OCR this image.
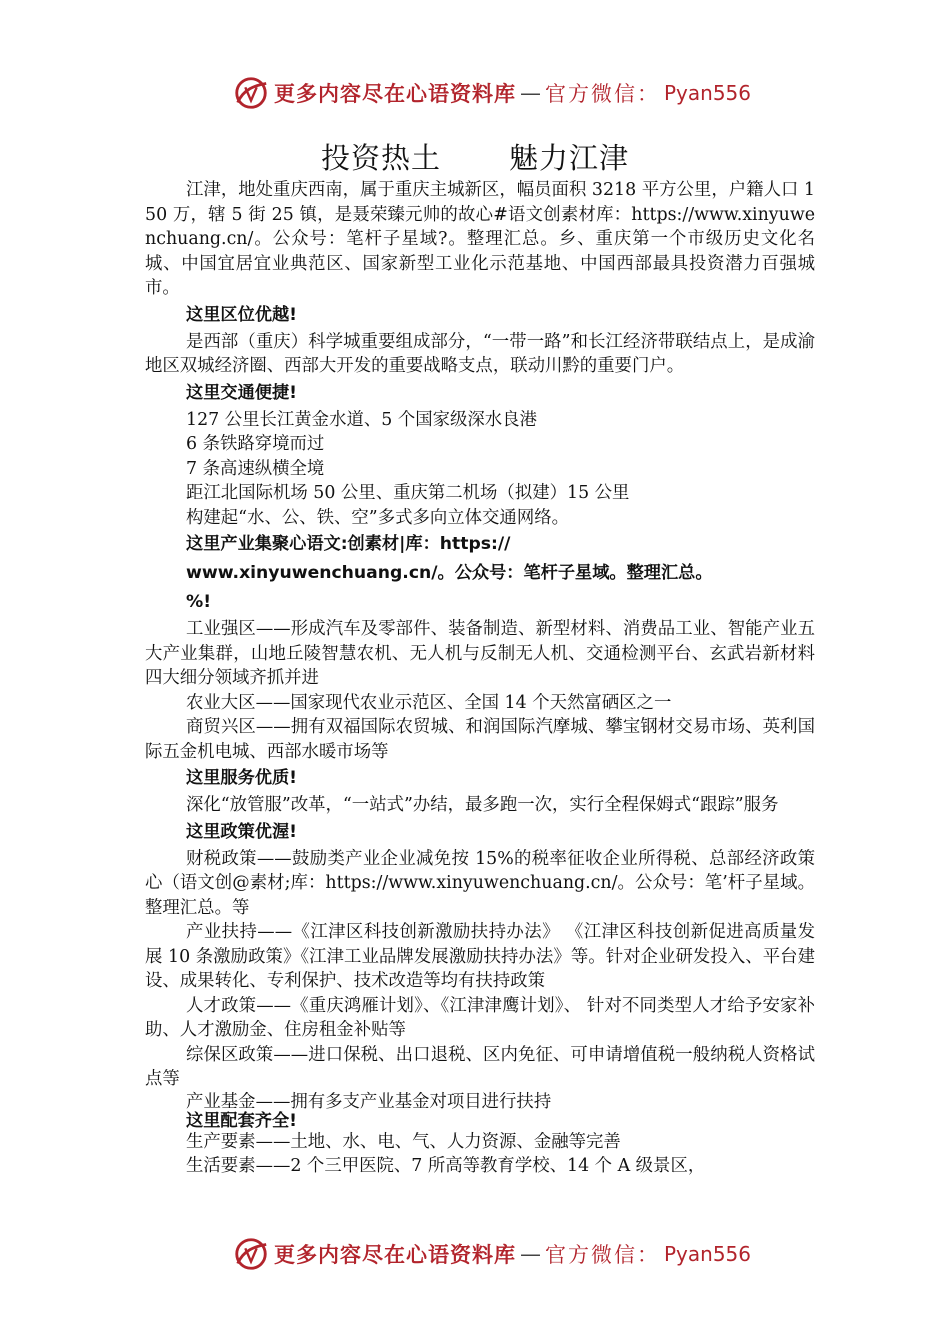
更多内容尽在心语资料库 — 官方微信： Pyan556
投资热土 魅力江津

江津，地处重庆西南，属于重庆主城新区，幅员面积 3218 平方公里，户籍人口 150 万，辖 5 街 25 镇，是聂荣臻元帅的故心#语文创素材库：https://www.xinyuwenchuang.cn/。公众号：笔杆子星域?。整理汇总。乡、重庆第一个市级历史文化名城、中国宜居宜业典范区、国家新型工业化示范基地、中国西部最具投资潜力百强城市。

这里区位优越!

是西部（重庆）科学城重要组成部分，“一带一路”和长江经济带联结点上，是成渝地区双城经济圈、西部大开发的重要战略支点，联动川黔的重要门户。

这里交通便捷!

127 公里长江黄金水道、5 个国家级深水良港

6 条铁路穿境而过

7 条高速纵横全境

距江北国际机场 50 公里、重庆第二机场（拟建）15 公里

构建起“水、公、铁、空”多式多向立体交通网络。

这里产业集聚心语文:创素材|库：https://

www.xinyuwenchuang.cn/。公众号：笔杆子星域。整理汇总。

%!

工业强区——形成汽车及零部件、装备制造、新型材料、消费品工业、智能产业五大产业集群，山地丘陵智慧农机、无人机与反制无人机、交通检测平台、玄武岩新材料四大细分领域齐抓并进

农业大区——国家现代农业示范区、全国 14 个天然富硒区之一

商贸兴区——拥有双福国际农贸城、和润国际汽摩城、攀宝钢材交易市场、英利国际五金机电城、西部水暖市场等

这里服务优质!

深化“放管服”改革，“一站式”办结，最多跑一次，实行全程保姆式“跟踪”服务

这里政策优渥!

财税政策——鼓励类产业企业减免按 15%的税率征收企业所得税、总部经济政策心（语文创@素材;库：https://www.xinyuwenchuang.cn/。公众号：笔’杆子星域。整理汇总。等

产业扶持——《江津区科技创新激励扶持办法》 《江津区科技创新促进高质量发展 10 条激励政策》《江津工业品牌发展激励扶持办法》等。针对企业研发投入、平台建设、成果转化、专利保护、技术改造等均有扶持政策

人才政策——《重庆鸿雁计划》、《江津津鹰计划》、 针对不同类型人才给予安家补助、人才激励金、住房租金补贴等

综保区政策——进口保税、出口退税、区内免征、可申请增值税一般纳税人资格试点等

产业基金——拥有多支产业基金对项目进行扶持

这里配套齐全!

生产要素——土地、水、电、气、人力资源、金融等完善

生活要素——2 个三甲医院、7 所高等教育学校、14 个 A 级景区，

更多内容尽在心语资料库 — 官方微信： Pyan556
